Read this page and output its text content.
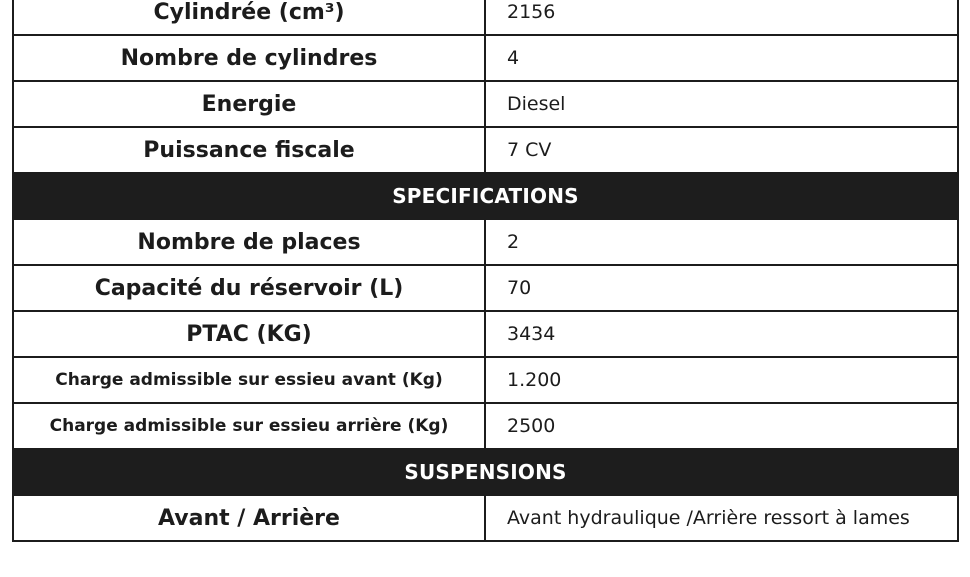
Cylindrée (cm³)	2156
Nombre de cylindres	4
Energie	Diesel
Puissance fiscale	7 CV
SPECIFICATIONS	
Nombre de places	2
Capacité du réservoir (L)	70
PTAC (KG)	3434
Charge admissible sur essieu avant (Kg)	1.200
Charge admissible sur essieu arrière (Kg)	2500
SUSPENSIONS	
Avant / Arrière	Avant hydraulique /Arrière ressort à lames
